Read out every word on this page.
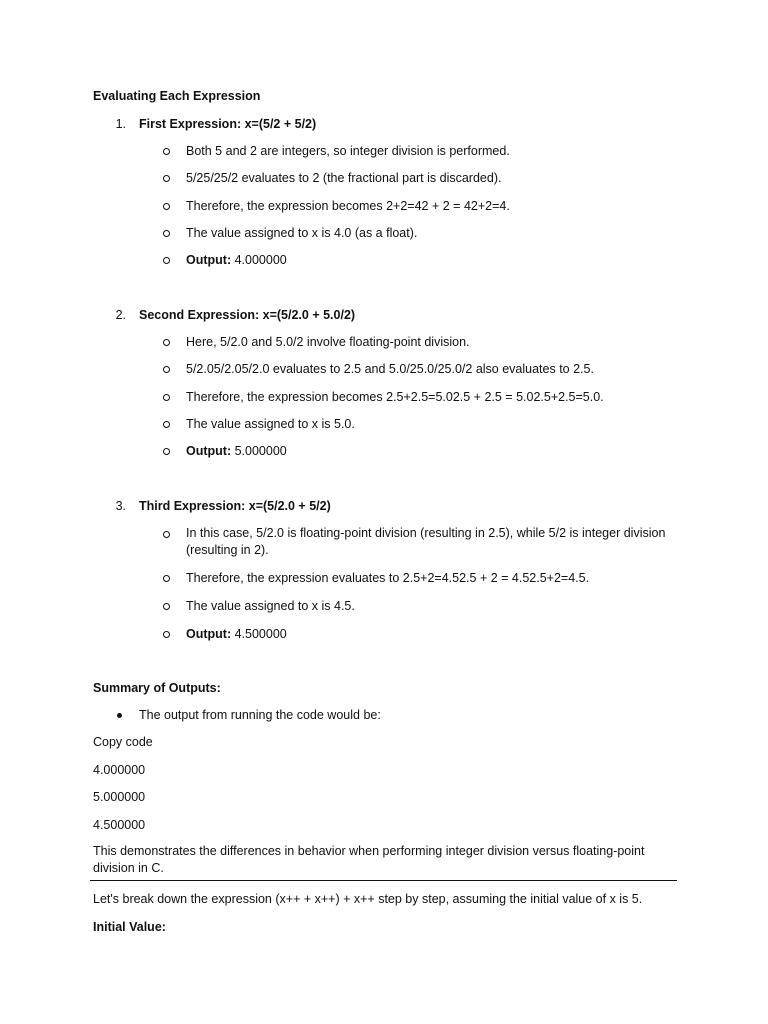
Evaluating Each Expression
1. First Expression: x=(5/2 + 5/2)
Both 5 and 2 are integers, so integer division is performed.
5/25/25/2 evaluates to 2 (the fractional part is discarded).
Therefore, the expression becomes 2+2=42 + 2 = 42+2=4.
The value assigned to x is 4.0 (as a float).
Output: 4.000000
2. Second Expression: x=(5/2.0 + 5.0/2)
Here, 5/2.0 and 5.0/2 involve floating-point division.
5/2.05/2.05/2.0 evaluates to 2.5 and 5.0/25.0/25.0/2 also evaluates to 2.5.
Therefore, the expression becomes 2.5+2.5=5.02.5 + 2.5 = 5.02.5+2.5=5.0.
The value assigned to x is 5.0.
Output: 5.000000
3. Third Expression: x=(5/2.0 + 5/2)
In this case, 5/2.0 is floating-point division (resulting in 2.5), while 5/2 is integer division (resulting in 2).
Therefore, the expression evaluates to 2.5+2=4.52.5 + 2 = 4.52.5+2=4.5.
The value assigned to x is 4.5.
Output: 4.500000
Summary of Outputs:
The output from running the code would be:
Copy code
4.000000
5.000000
4.500000
This demonstrates the differences in behavior when performing integer division versus floating-point division in C.
Let's break down the expression (x++ + x++) + x++ step by step, assuming the initial value of x is 5.
Initial Value:
